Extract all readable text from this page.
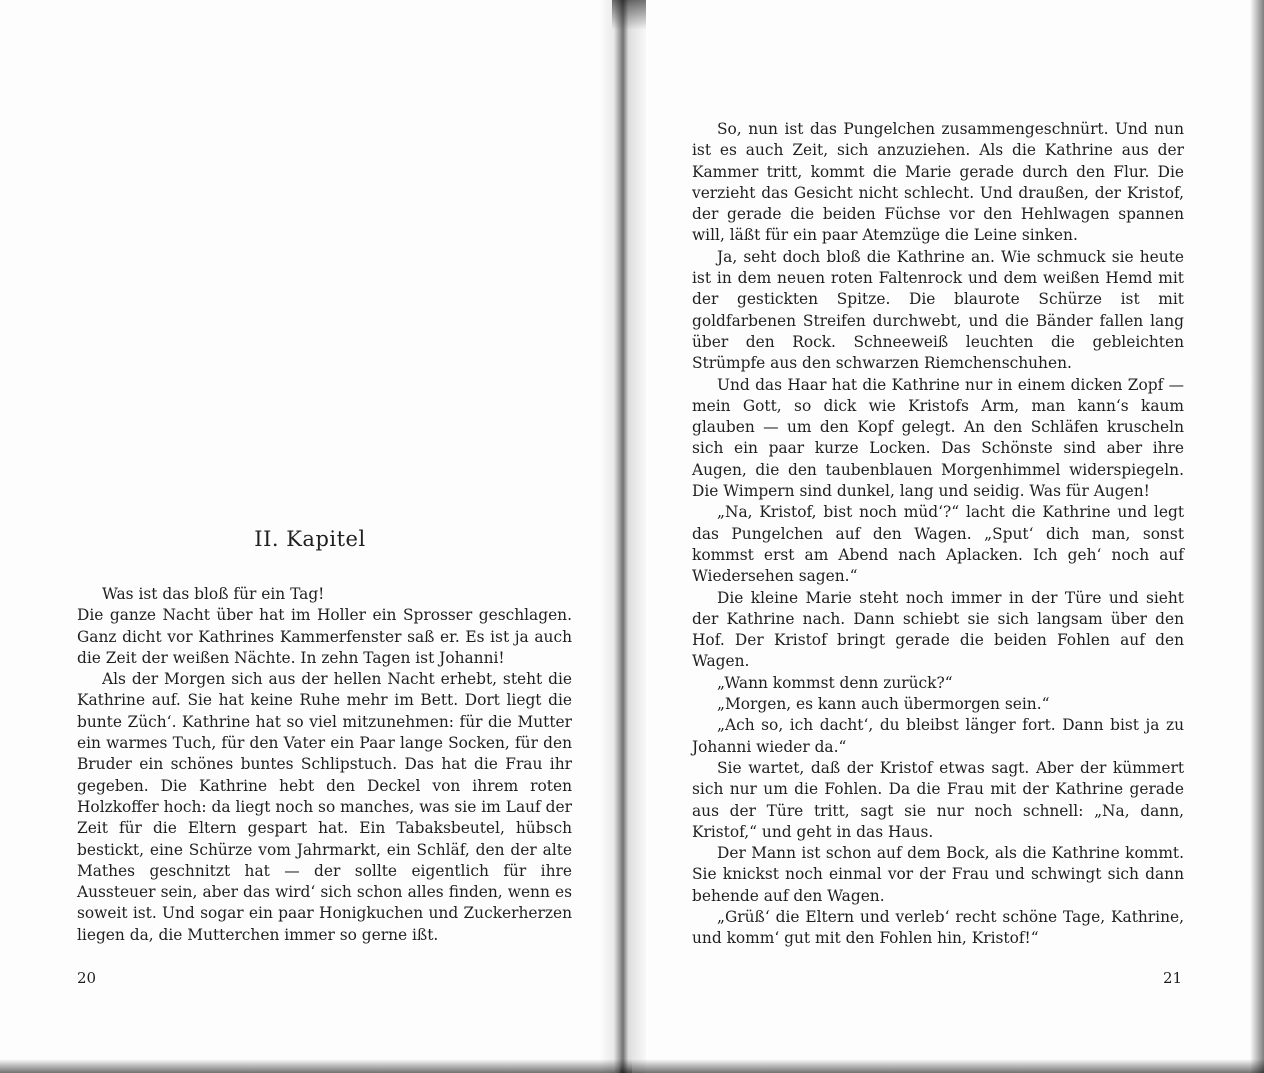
II. Kapitel

Was ist das bloß für ein Tag!

Die ganze Nacht über hat im Holler ein Sprosser geschlagen. Ganz dicht vor Kathrines Kammerfenster saß er. Es ist ja auch die Zeit der weißen Nächte. In zehn Tagen ist Johanni!

Als der Morgen sich aus der hellen Nacht erhebt, steht die Kathrine auf. Sie hat keine Ruhe mehr im Bett. Dort liegt die bunte Züch‘. Kathrine hat so viel mitzunehmen: für die Mutter ein warmes Tuch, für den Vater ein Paar lange Socken, für den Bruder ein schönes buntes Schlipstuch. Das hat die Frau ihr gegeben. Die Kathrine hebt den Deckel von ihrem roten Holzkoffer hoch: da liegt noch so manches, was sie im Lauf der Zeit für die Eltern gespart hat. Ein Tabaksbeutel, hübsch bestickt, eine Schürze vom Jahrmarkt, ein Schläf, den der alte Mathes geschnitzt hat — der sollte eigentlich für ihre Aussteuer sein, aber das wird‘ sich schon alles finden, wenn es soweit ist. Und sogar ein paar Honigkuchen und Zuckerherzen liegen da, die Mutterchen immer so gerne ißt.

20

So, nun ist das Pungelchen zusammengeschnürt. Und nun ist es auch Zeit, sich anzuziehen. Als die Kathrine aus der Kammer tritt, kommt die Marie gerade durch den Flur. Die verzieht das Gesicht nicht schlecht. Und draußen, der Kristof, der gerade die beiden Füchse vor den Hehlwagen spannen will, läßt für ein paar Atemzüge die Leine sinken.

Ja, seht doch bloß die Kathrine an. Wie schmuck sie heute ist in dem neuen roten Faltenrock und dem weißen Hemd mit der gestickten Spitze. Die blaurote Schürze ist mit goldfarbenen Streifen durchwebt, und die Bänder fallen lang über den Rock. Schneeweiß leuchten die gebleichten Strümpfe aus den schwarzen Riemchenschuhen.

Und das Haar hat die Kathrine nur in einem dicken Zopf — mein Gott, so dick wie Kristofs Arm, man kann‘s kaum glauben — um den Kopf gelegt. An den Schläfen kruscheln sich ein paar kurze Locken. Das Schönste sind aber ihre Augen, die den taubenblauen Morgenhimmel widerspiegeln. Die Wimpern sind dunkel, lang und seidig. Was für Augen!

„Na, Kristof, bist noch müd‘?“ lacht die Kathrine und legt das Pungelchen auf den Wagen. „Sput‘ dich man, sonst kommst erst am Abend nach Aplacken. Ich geh‘ noch auf Wiedersehen sagen.“

Die kleine Marie steht noch immer in der Türe und sieht der Kathrine nach. Dann schiebt sie sich langsam über den Hof. Der Kristof bringt gerade die beiden Fohlen auf den Wagen.

„Wann kommst denn zurück?“

„Morgen, es kann auch übermorgen sein.“

„Ach so, ich dacht‘, du bleibst länger fort. Dann bist ja zu Johanni wieder da.“

Sie wartet, daß der Kristof etwas sagt. Aber der kümmert sich nur um die Fohlen. Da die Frau mit der Kathrine gerade aus der Türe tritt, sagt sie nur noch schnell: „Na, dann, Kristof,“ und geht in das Haus.

Der Mann ist schon auf dem Bock, als die Kathrine kommt. Sie knickst noch einmal vor der Frau und schwingt sich dann behende auf den Wagen.

„Grüß‘ die Eltern und verleb‘ recht schöne Tage, Kathrine, und komm‘ gut mit den Fohlen hin, Kristof!“

21
